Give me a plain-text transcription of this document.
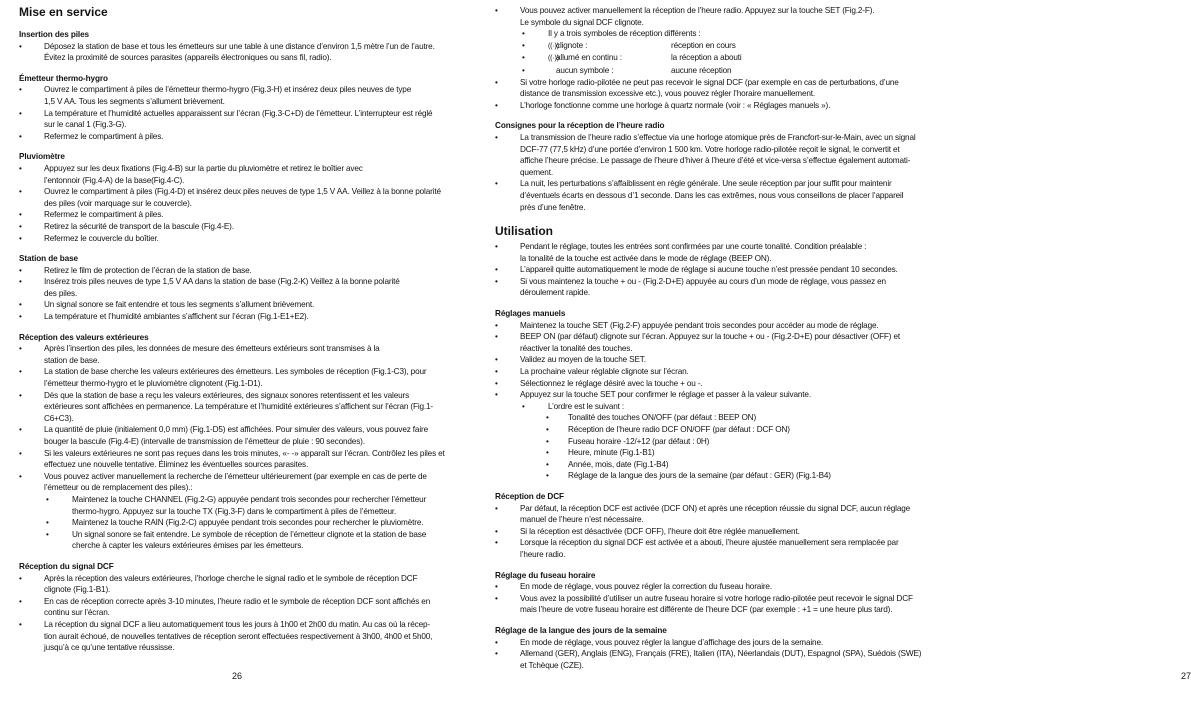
Mise en service
Insertion des piles
•	Déposez la station de base et tous les émetteurs sur une table à une distance d’environ 1,5 mètre l’un de l’autre.
Évitez la proximité de sources parasites (appareils électroniques ou sans fil, radio).
Émetteur thermo-hygro
•	Ouvrez le compartiment à piles de l’émetteur thermo-hygro (Fig.3-H) et insérez deux piles neuves de type
1,5 V AA. Tous les segments s’allument brièvement.
•	La température et l’humidité actuelles apparaissent sur l’écran (Fig.3-C+D) de l’émetteur. L’interrupteur est réglé
sur le canal 1 (Fig.3-G).
•	Refermez le compartiment à piles.
Pluviomètre
•	Appuyez sur les deux fixations (Fig.4-B) sur la partie du pluviomètre et retirez le boîtier avec
l’entonnoir (Fig.4-A) de la base(Fig.4-C).
•	Ouvrez le compartiment à piles (Fig.4-D) et insérez deux piles neuves de type 1,5 V AA. Veillez à la bonne polarité
des piles (voir marquage sur le couvercle).
•	Refermez le compartiment à piles.
•	Retirez la sécurité de transport de la bascule (Fig.4-E).
•	Refermez le couvercle du boîtier.
Station de base
•	Retirez le film de protection de l’écran de la station de base.
•	Insérez trois piles neuves de type 1,5 V AA dans la station de base (Fig.2-K) Veillez à la bonne polarité
des piles.
•	Un signal sonore se fait entendre et tous les segments s’allument brièvement.
•	La température et l’humidité ambiantes s’affichent sur l’écran (Fig.1-E1+E2).
Réception des valeurs extérieures
•	Après l’insertion des piles, les données de mesure des émetteurs extérieurs sont transmises à la
station de base.
•	La station de base cherche les valeurs extérieures des émetteurs. Les symboles de réception (Fig.1-C3), pour
l’émetteur thermo-hygro et le pluviomètre clignotent (Fig.1-D1).
•	Dès que la station de base a reçu les valeurs extérieures, des signaux sonores retentissent et les valeurs
extérieures sont affichées en permanence. La température et l’humidité extérieures s’affichent sur l’écran (Fig.1-
C6+C3).
•	La quantité de pluie (initialement 0,0 mm) (Fig.1-D5) est affichées. Pour simuler des valeurs, vous pouvez faire
bouger la bascule (Fig.4-E) (intervalle de transmission de l’émetteur de pluie : 90 secondes).
•	Si les valeurs extérieures ne sont pas reçues dans les trois minutes, «- -» apparaît sur l’écran. Contrôlez les piles et
effectuez une nouvelle tentative. Éliminez les éventuelles sources parasites.
•	Vous pouvez activer manuellement la recherche de l’émetteur ultérieurement (par exemple en cas de perte de
l’émetteur ou de remplacement des piles).:
•	Maintenez la touche CHANNEL (Fig.2-G) appuyée pendant trois secondes pour rechercher l’émetteur
thermo-hygro. Appuyez sur la touche TX (Fig.3-F) dans le compartiment à piles de l’émetteur.
•	Maintenez la touche RAIN (Fig.2-C) appuyée pendant trois secondes pour rechercher le pluviomètre.
•	Un signal sonore se fait entendre. Le symbole de réception de l’émetteur clignote et la station de base
cherche à capter les valeurs extérieures émises par les émetteurs.
Réception du signal DCF
•	Après la réception des valeurs extérieures, l’horloge cherche le signal radio et le symbole de réception DCF
clignote (Fig.1-B1).
•	En cas de réception correcte après 3-10 minutes, l’heure radio et le symbole de réception DCF sont affichés en
continu sur l’écran.
•	La réception du signal DCF a lieu automatiquement tous les jours à 1h00 et 2h00 du matin. Au cas où la récep-
tion aurait échoué, de nouvelles tentatives de réception seront effectuées respectivement à 3h00, 4h00 et 5h00,
jusqu’à ce qu’une tentative réussisse.
26
•	Vous pouvez activer manuellement la réception de l’heure radio. Appuyez sur la touche SET (Fig.2-F).
Le symbole du signal DCF clignote.
•	Il y a trois symboles de réception différents :
•	((·))clignote :	réception en cours
•	((·))allumé en continu :	la réception a abouti
•	aucun symbole :	aucune réception
•	Si votre horloge radio-pilotée ne peut pas recevoir le signal DCF (par exemple en cas de perturbations, d’une
distance de transmission excessive etc.), vous pouvez régler l’horaire manuellement.
•	L’horloge fonctionne comme une horloge à quartz normale (voir : « Réglages manuels »).
Consignes pour la réception de l’heure radio
•	La transmission de l’heure radio s’effectue via une horloge atomique près de Francfort-sur-le-Main, avec un signal
DCF-77 (77,5 kHz) d’une portée d’environ 1 500 km. Votre horloge radio-pilotée reçoit le signal, le convertit et
affiche l’heure précise. Le passage de l’heure d’hiver à l’heure d’été et vice-versa s’effectue également automati-
quement.
•	La nuit, les perturbations s’affaiblissent en règle générale. Une seule réception par jour suffit pour maintenir
d’éventuels écarts en dessous d’1 seconde. Dans les cas extrêmes, nous vous conseillons de placer l’appareil
près d’une fenêtre.
Utilisation
•	Pendant le réglage, toutes les entrées sont confirmées par une courte tonalité. Condition préalable :
la tonalité de la touche est activée dans le mode de réglage (BEEP ON).
•	L’appareil quitte automatiquement le mode de réglage si aucune touche n’est pressée pendant 10 secondes.
•	Si vous maintenez la touche + ou - (Fig.2-D+E) appuyée au cours d’un mode de réglage, vous passez en
déroulement rapide.
Réglages manuels
•	Maintenez la touche SET (Fig.2-F) appuyée pendant trois secondes pour accéder au mode de réglage.
•	BEEP ON (par défaut) clignote sur l’écran. Appuyez sur la touche + ou - (Fig.2-D+E) pour désactiver (OFF) et
réactiver la tonalité des touches.
•	Validez au moyen de la touche SET.
•	La prochaine valeur réglable clignote sur l’écran.
•	Sélectionnez le réglage désiré avec la touche + ou -.
•	Appuyez sur la touche SET pour confirmer le réglage et passer à la valeur suivante.
•	L’ordre est le suivant :
• Tonalité des touches ON/OFF (par défaut : BEEP ON)
• Réception de l’heure radio DCF ON/OFF (par défaut : DCF ON)
• Fuseau horaire -12/+12 (par défaut : 0H)
• Heure, minute (Fig.1-B1)
• Année, mois, date (Fig.1-B4)
• Réglage de la langue des jours de la semaine (par défaut : GER) (Fig.1-B4)
Réception de DCF
•	Par défaut, la réception DCF est activée (DCF ON) et après une réception réussie du signal DCF, aucun réglage
manuel de l’heure n’est nécessaire.
•	Si la réception est désactivée (DCF OFF), l’heure doit être réglée manuellement.
•	Lorsque la réception du signal DCF est activée et a abouti, l’heure ajustée manuellement sera remplacée par
l’heure radio.
Réglage du fuseau horaire
•	En mode de réglage, vous pouvez régler la correction du fuseau horaire.
•	Vous avez la possibilité d’utiliser un autre fuseau horaire si votre horloge radio-pilotée peut recevoir le signal DCF
mais l’heure de votre fuseau horaire est différente de l’heure DCF (par exemple : +1 = une heure plus tard).
Réglage de la langue des jours de la semaine
•	En mode de réglage, vous pouvez régler la langue d’affichage des jours de la semaine.
•	Allemand (GER), Anglais (ENG), Français (FRE), Italien (ITA), Néerlandais (DUT), Espagnol (SPA), Suédois (SWE)
et Tchèque (CZE).
27
